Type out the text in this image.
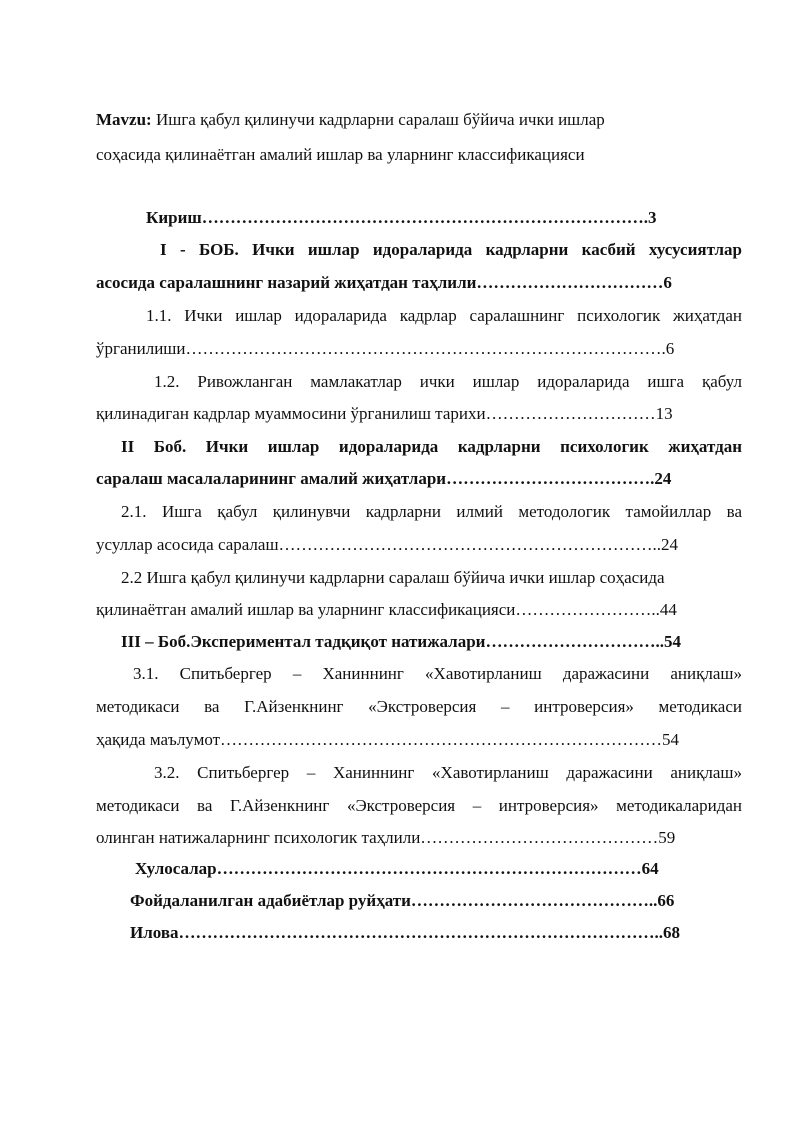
Mavzu: Ишга қабул қилинучи кадрларни саралаш бўйича ички ишлар
соҳасида қилинаётган амалий ишлар ва уларнинг классификацияси
Кириш…………………………………………………………………….3
I - БОБ. Ички ишлар идораларида кадрларни касбий хусусиятлар
асосида саралашнинг назарий жиҳатдан таҳлили……………………………6
1.1. Ички ишлар идораларида кадрлар саралашнинг психологик жиҳатдан
ўрганилиши………………………………………………………………………….6
1.2. Ривожланган мамлакатлар ички ишлар идораларида ишга қабул
қилинадиган кадрлар муаммосини ўрганилиш тарихи…………………………13
II Боб. Ички ишлар идораларида кадрларни психологик жиҳатдан
саралаш масалаларининг амалий жиҳатлари……………………………….24
2.1. Ишга қабул қилинувчи кадрларни илмий методологик тамойиллар ва
усуллар асосида саралаш…………………………………………………………..24
2.2 Ишга қабул қилинучи кадрларни саралаш бўйича ички ишлар соҳасида
қилинаётган амалий ишлар ва уларнинг классификацияси……………………..44
III – Боб.Экспериментал тадқиқот натижалари…………………………..54
3.1. Спитьбергер – Ханиннинг «Хавотирланиш даражасини аниқлаш»
методикаси ва Г.Айзенкнинг «Экстроверсия – интроверсия» методикаси
ҳақида маълумот……………………………………………………………………54
3.2. Спитьбергер – Ханиннинг «Хавотирланиш даражасини аниқлаш»
методикаси ва Г.Айзенкнинг «Экстроверсия – интроверсия» методикаларидан
олинган натижаларнинг психологик таҳлили……………………………………59
Хулосалар…………………………………………………………………64
Фойдаланилган адабиётлар руйҳати……………………………………..66
Илова…………………………………………………………………………..68
